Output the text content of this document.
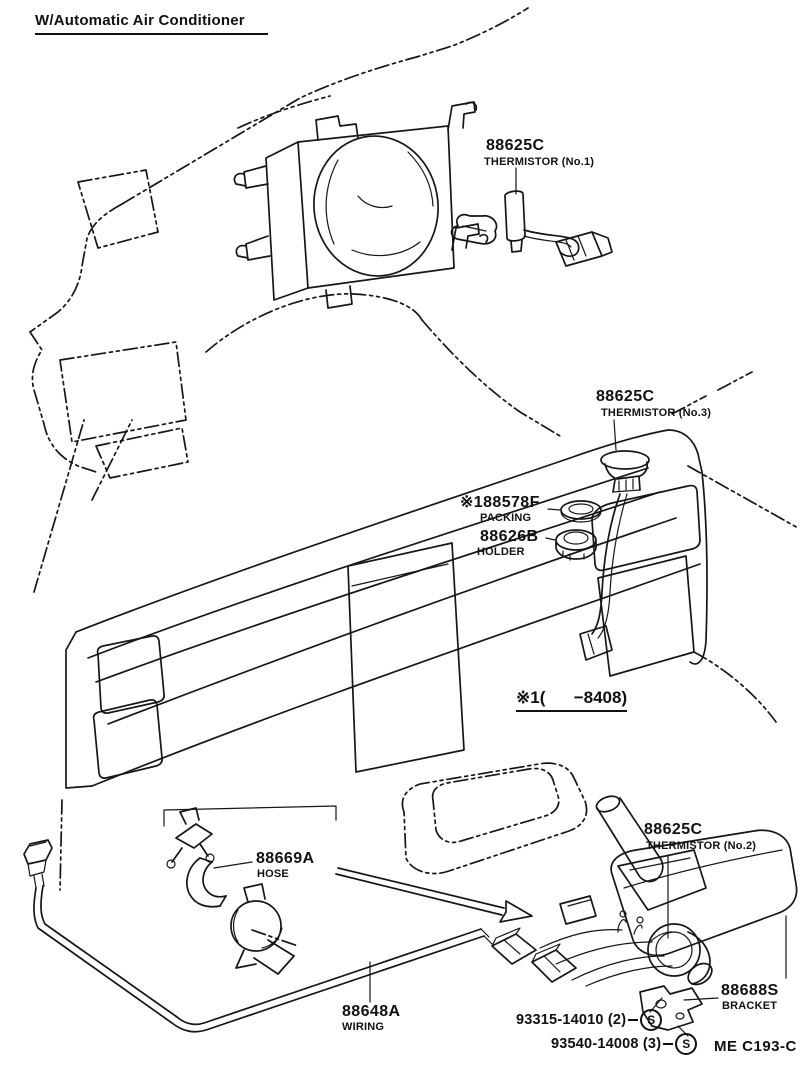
W/Automatic Air Conditioner
88625C
THERMISTOR (No.1)
88625C
THERMISTOR (No.3)
※188578F
PACKING
88626B
HOLDER
※1(      −8408)
88669A
HOSE
88625C
THERMISTOR (No.2)
88648A
WIRING
88688S
BRACKET
93315-14010 (2)	S
93540-14008 (3)	S	ME C193-C
